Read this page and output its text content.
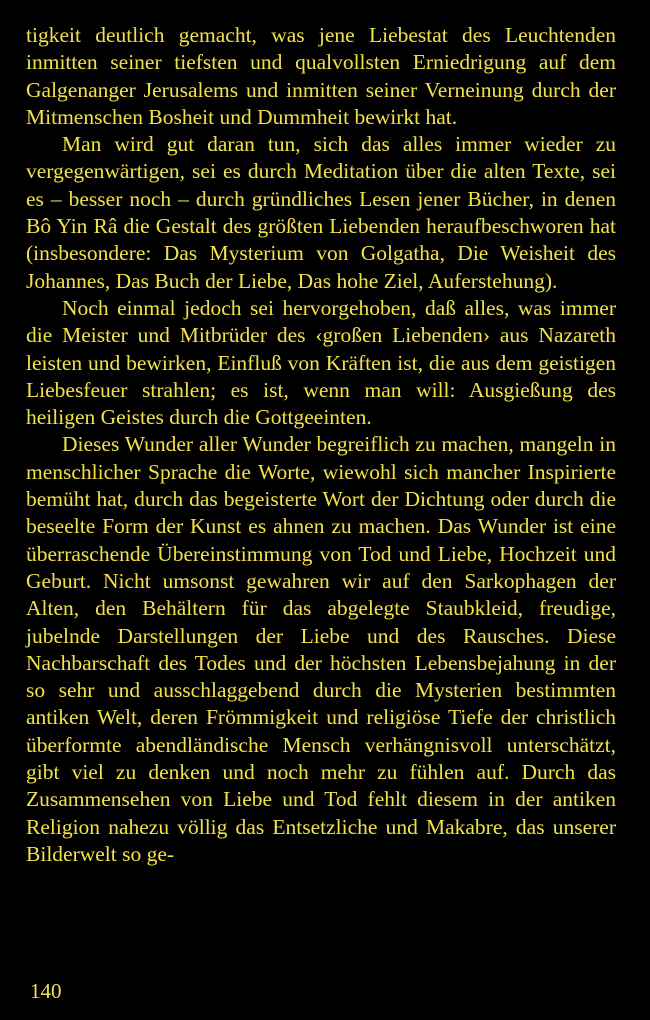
tigkeit deutlich gemacht, was jene Liebestat des Leuchtenden inmitten seiner tiefsten und qualvollsten Erniedrigung auf dem Galgenanger Jerusalems und inmitten seiner Verneinung durch der Mitmenschen Bosheit und Dummheit bewirkt hat.

Man wird gut daran tun, sich das alles immer wieder zu vergegenwärtigen, sei es durch Meditation über die alten Texte, sei es – besser noch – durch gründliches Lesen jener Bücher, in denen Bô Yin Râ die Gestalt des größten Liebenden heraufbeschworen hat (insbesondere: Das Mysterium von Golgatha, Die Weisheit des Johannes, Das Buch der Liebe, Das hohe Ziel, Auferstehung).

Noch einmal jedoch sei hervorgehoben, daß alles, was immer die Meister und Mitbrüder des ‹großen Liebenden› aus Nazareth leisten und bewirken, Einfluß von Kräften ist, die aus dem geistigen Liebesfeuer strahlen; es ist, wenn man will: Ausgießung des heiligen Geistes durch die Gottgeeinten.

Dieses Wunder aller Wunder begreiflich zu machen, mangeln in menschlicher Sprache die Worte, wiewohl sich mancher Inspirierte bemüht hat, durch das begeisterte Wort der Dichtung oder durch die beseelte Form der Kunst es ahnen zu machen. Das Wunder ist eine überraschende Übereinstimmung von Tod und Liebe, Hochzeit und Geburt. Nicht umsonst gewahren wir auf den Sarkophagen der Alten, den Behältern für das abgelegte Staubkleid, freudige, jubelnde Darstellungen der Liebe und des Rausches. Diese Nachbarschaft des Todes und der höchsten Lebensbejahung in der so sehr und ausschlaggebend durch die Mysterien bestimmten antiken Welt, deren Frömmigkeit und religiöse Tiefe der christlich überformte abendländische Mensch verhängnisvoll unterschätzt, gibt viel zu denken und noch mehr zu fühlen auf. Durch das Zusammensehen von Liebe und Tod fehlt diesem in der antiken Religion nahezu völlig das Entsetzliche und Makabre, das unserer Bilderwelt so ge-

140
